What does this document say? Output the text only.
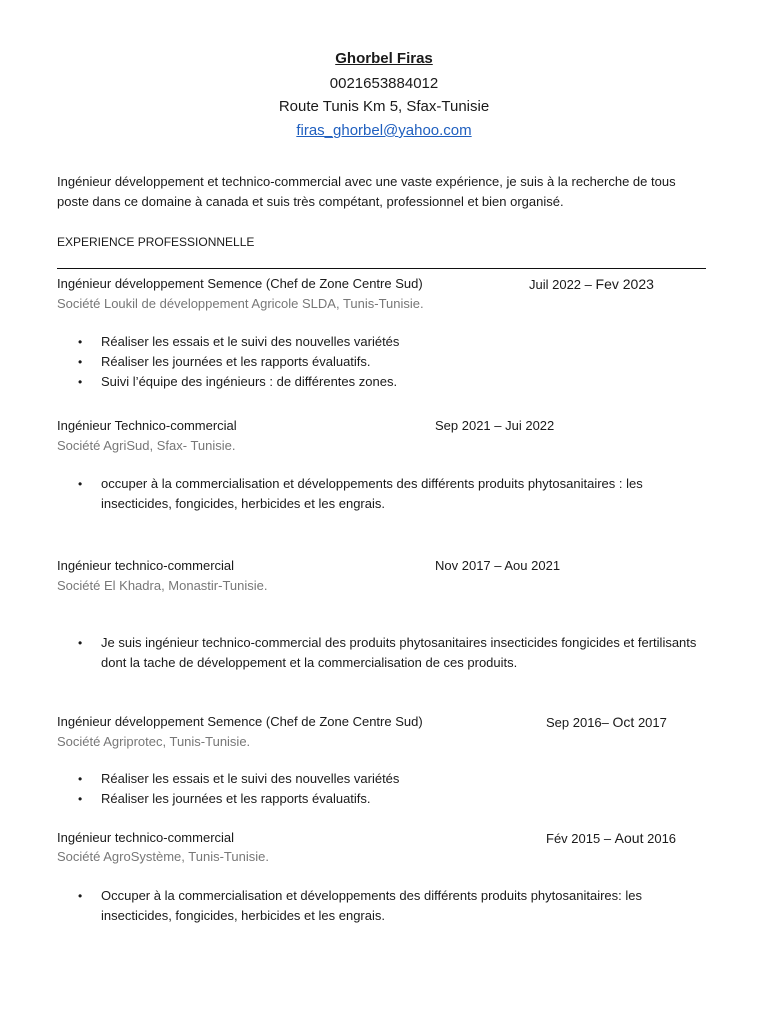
Ghorbel Firas
0021653884012
Route Tunis Km 5, Sfax-Tunisie
firas_ghorbel@yahoo.com
Ingénieur développement et technico-commercial avec une vaste expérience, je suis à la recherche de tous poste dans ce domaine à canada et suis très compétant, professionnel et bien organisé.
EXPERIENCE PROFESSIONNELLE
Ingénieur développement Semence (Chef de Zone Centre Sud)	Juil 2022 – Fev 2023
Société Loukil de développement Agricole SLDA, Tunis-Tunisie.
• Réaliser les essais et le suivi des nouvelles variétés
• Réaliser les journées et les rapports évaluatifs.
• Suivi l’équipe des ingénieurs : de différentes zones.
Ingénieur Technico-commercial	Sep 2021 – Jui 2022
Société AgriSud, Sfax- Tunisie.
• occuper à la commercialisation et développements des différents produits phytosanitaires : les insecticides, fongicides, herbicides et les engrais.
Ingénieur technico-commercial	Nov 2017 – Aou 2021
Société El Khadra, Monastir-Tunisie.
• Je suis ingénieur technico-commercial des produits phytosanitaires insecticides fongicides et fertilisants dont la tache de développement et la commercialisation de ces produits.
Ingénieur développement Semence (Chef de Zone Centre Sud)	Sep 2016– Oct 2017
Société Agriprotec, Tunis-Tunisie.
• Réaliser les essais et le suivi des nouvelles variétés
• Réaliser les journées et les rapports évaluatifs.
Ingénieur technico-commercial	Fév 2015 – Aout 2016
Société AgroSystème, Tunis-Tunisie.
• Occuper à la commercialisation et développements des différents produits phytosanitaires: les insecticides, fongicides, herbicides et les engrais.
